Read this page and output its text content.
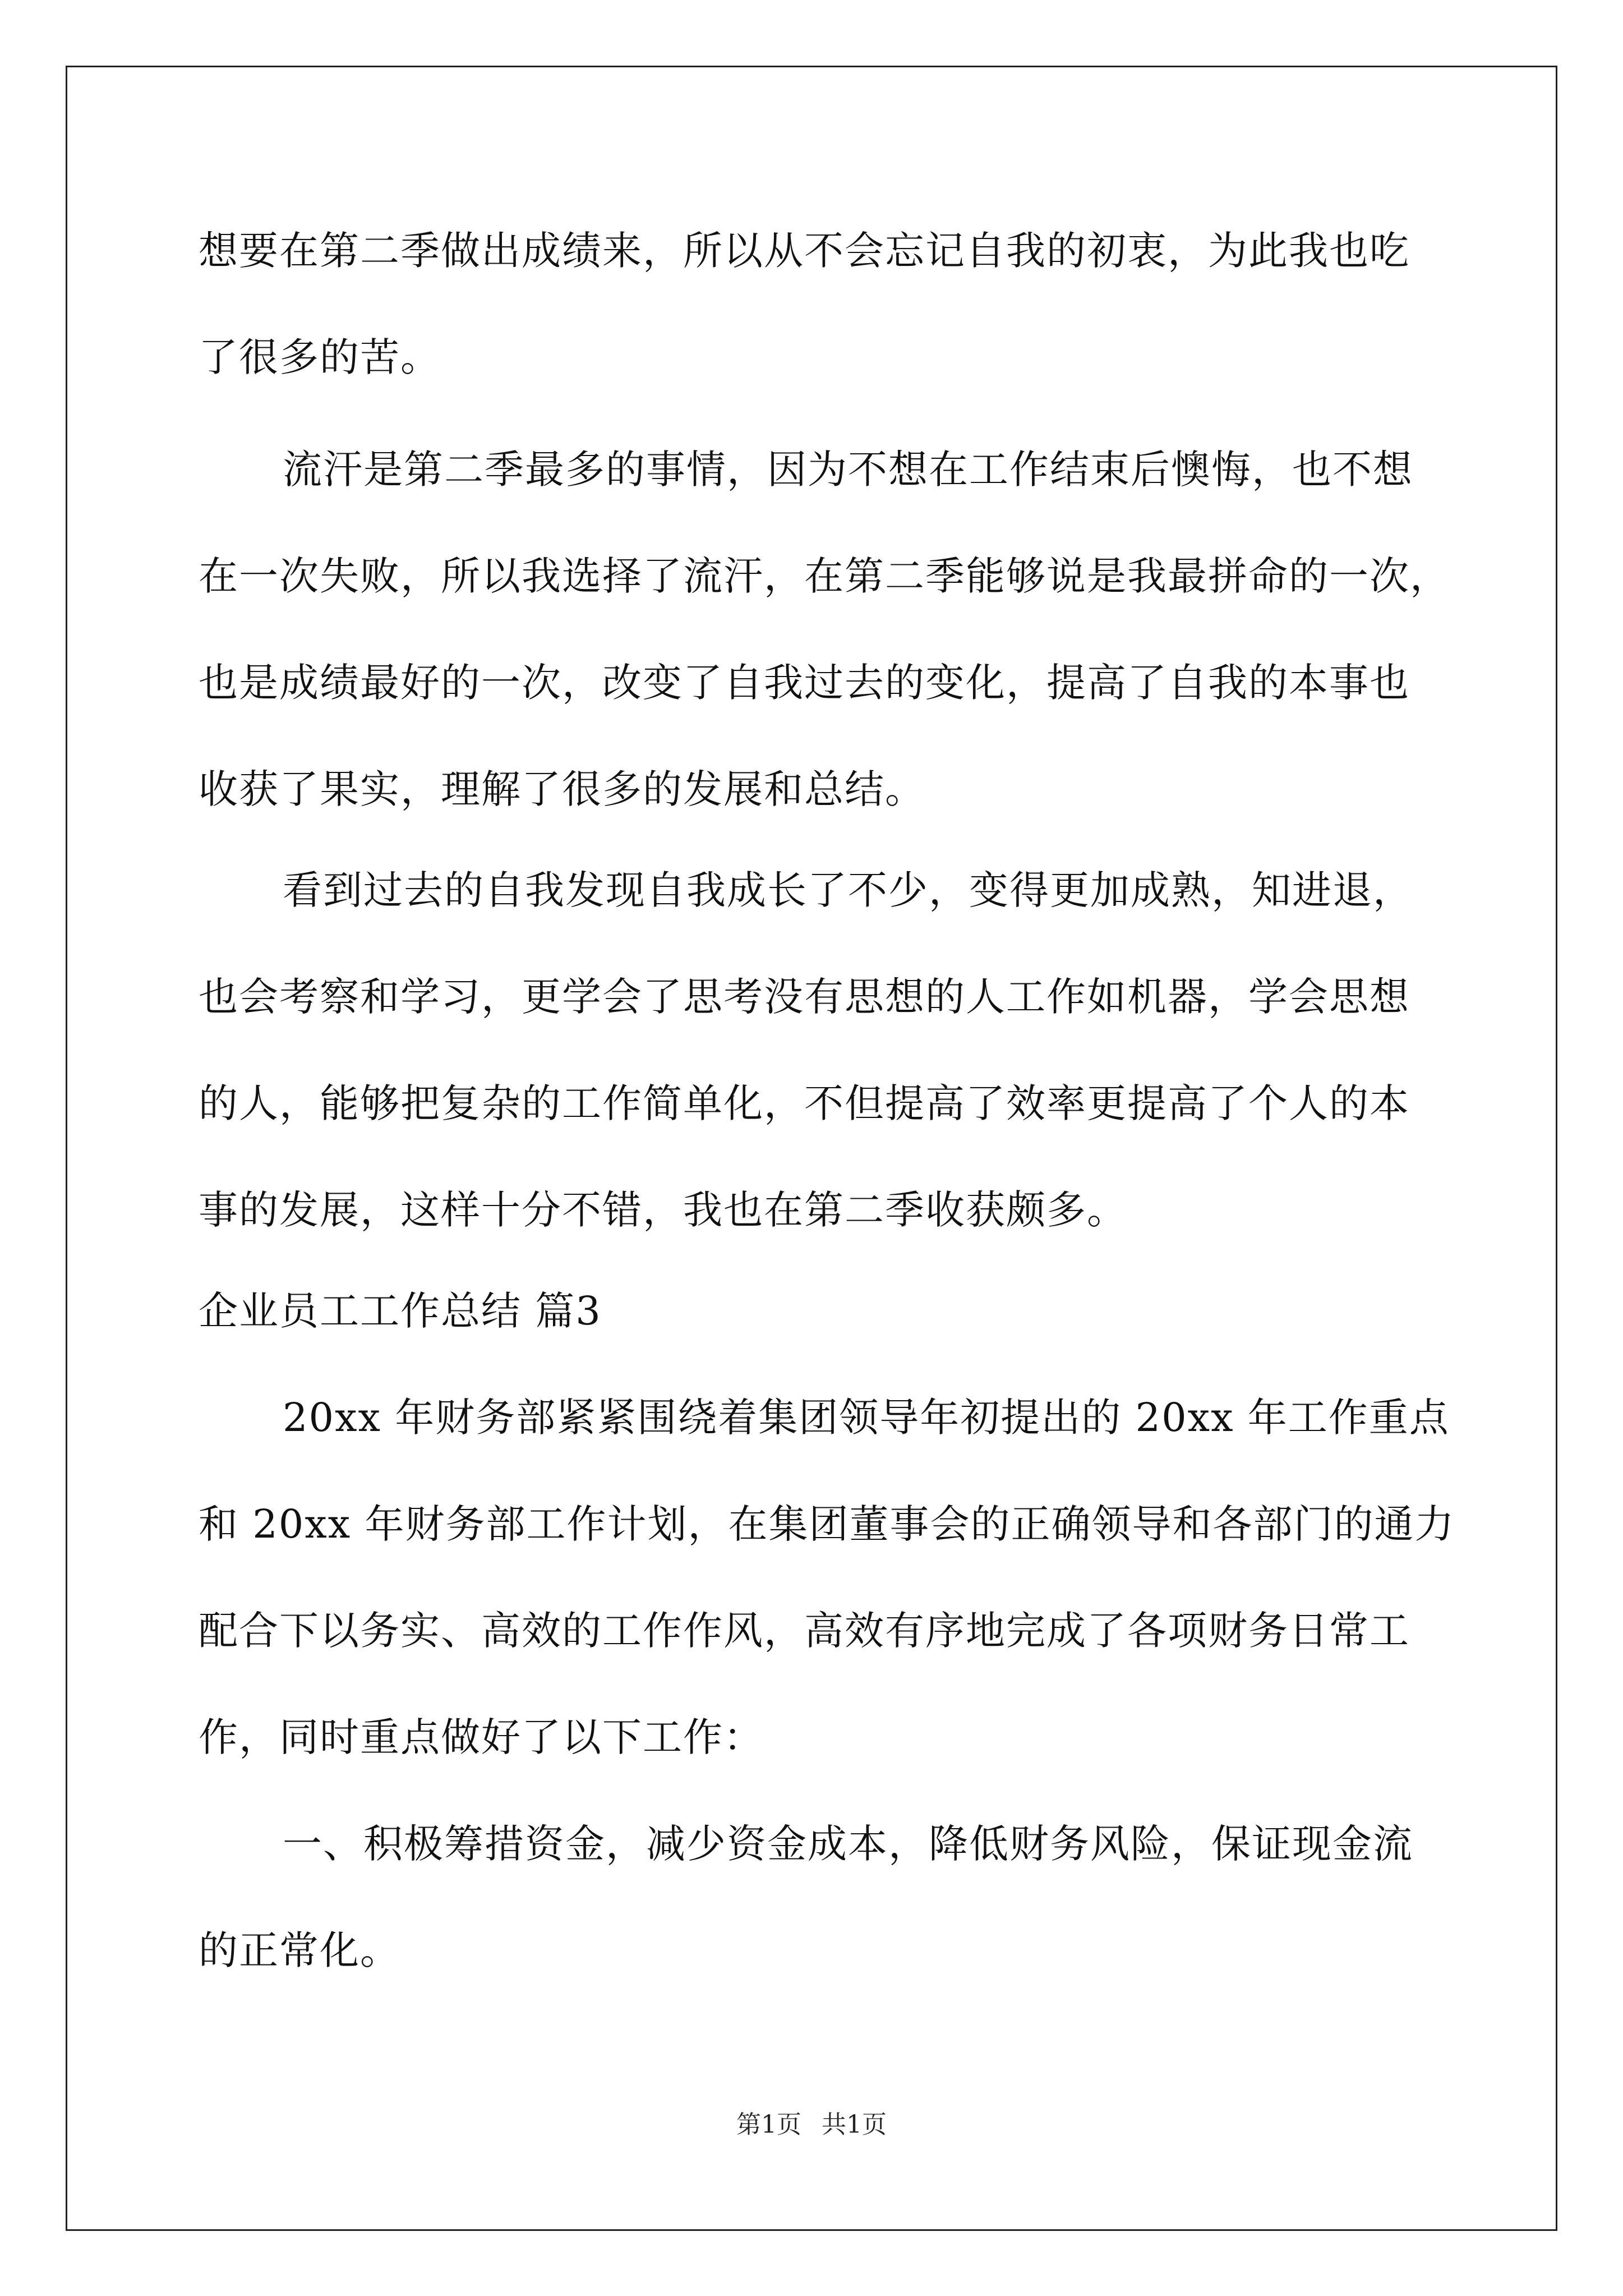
想要在第二季做出成绩来，所以从不会忘记自我的初衷，为此我也吃
了很多的苦。
流汗是第二季最多的事情，因为不想在工作结束后懊悔，也不想
在一次失败，所以我选择了流汗，在第二季能够说是我最拼命的一次，
也是成绩最好的一次，改变了自我过去的变化，提高了自我的本事也
收获了果实，理解了很多的发展和总结。
看到过去的自我发现自我成长了不少，变得更加成熟，知进退，
也会考察和学习，更学会了思考没有思想的人工作如机器，学会思想
的人，能够把复杂的工作简单化，不但提高了效率更提高了个人的本
事的发展，这样十分不错，我也在第二季收获颇多。
企业员工工作总结 篇3
20xx 年财务部紧紧围绕着集团领导年初提出的 20xx 年工作重点
和 20xx 年财务部工作计划，在集团董事会的正确领导和各部门的通力
配合下以务实、高效的工作作风，高效有序地完成了各项财务日常工
作，同时重点做好了以下工作：
一、积极筹措资金，减少资金成本，降低财务风险，保证现金流
的正常化。
第1页 共1页
